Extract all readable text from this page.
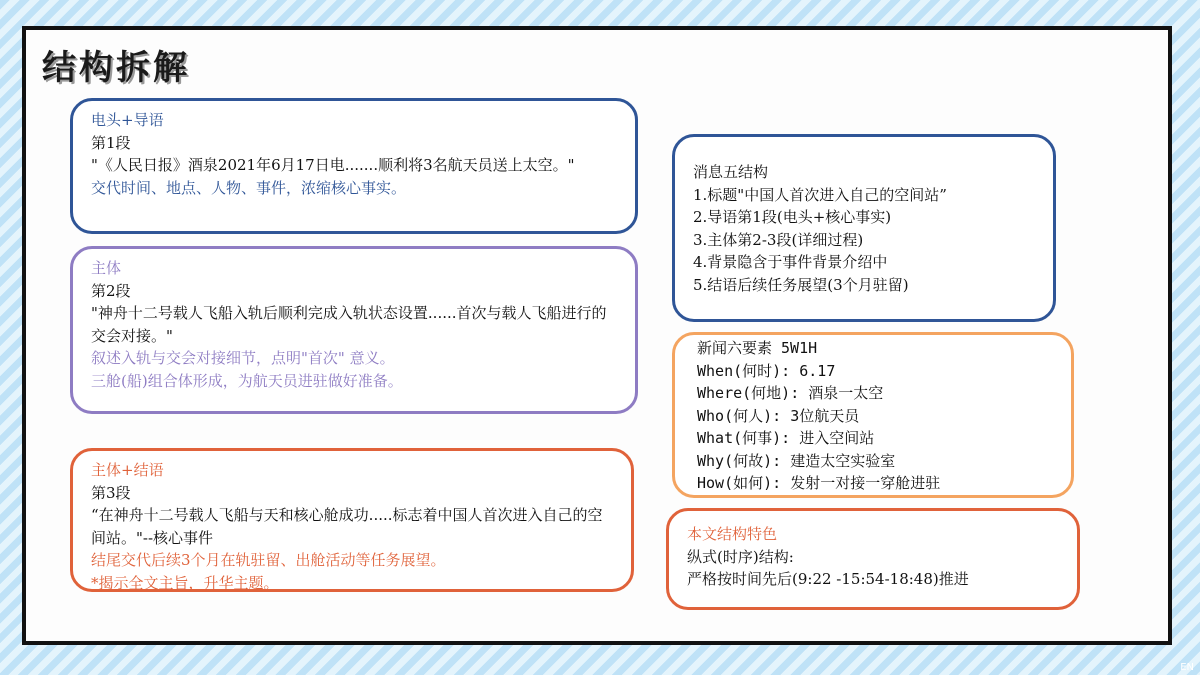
结构拆解
电头+导语
第1段
"《人民日报》酒泉2021年6月17日电.......顺利将3名航天员送上太空。"
交代时间、地点、人物、事件，浓缩核心事实。
主体
第2段
"神舟十二号载人飞船入轨后顺利完成入轨状态设置......首次与载人飞船进行的交会对接。"
叙述入轨与交会对接细节，点明"首次" 意义。
三舱(船)组合体形成，为航天员进驻做好准备。
主体+结语
第3段
“在神舟十二号载人飞船与天和核心舱成功.....标志着中国人首次进入自己的空间站。"--核心事件
结尾交代后续3个月在轨驻留、出舱活动等任务展望。
*揭示全文主旨，升华主题。
消息五结构
1.标题"中国人首次进入自己的空间站”
2.导语第1段(电头+核心事实)
3.主体第2-3段(详细过程)
4.背景隐含于事件背景介绍中
5.结语后续任务展望(3个月驻留)
新闻六要素 5W1H
When(何时): 6.17
Where(何地): 酒泉一太空
Who(何人): 3位航天员
What(何事): 进入空间站
Why(何故): 建造太空实验室
How(如何): 发射一对接一穿舱进驻
本文结构特色
纵式(时序)结构:
严格按时间先后(9:22 -15:54-18:48)推进
EN
